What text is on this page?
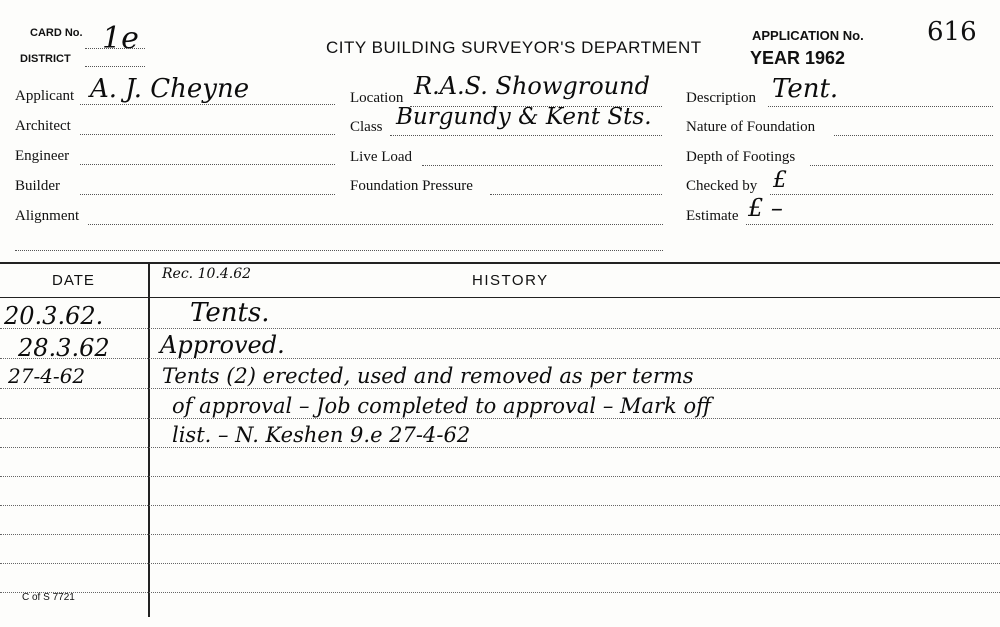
CARD No. 1e
DISTRICT
CITY BUILDING SURVEYOR'S DEPARTMENT
APPLICATION No. 616
YEAR 1962
Applicant A. J. Cheyne
Architect
Engineer
Builder
Alignment
Location R.A.S. Showground
Class Burgundy & Kent Sts.
Live Load
Foundation Pressure
Description Tent.
Nature of Foundation
Depth of Footings
Checked by £
Estimate £ –
DATE	HISTORY
Rec. 10.4.62
20.3.62.	Tents.
28.3.62 Approved.
27-4-62	Tents (2) erected, used and removed as per terms
of approval – Job completed to approval – Mark off
list. – N. Keshen 9.e 27-4-62
C of S 7721
